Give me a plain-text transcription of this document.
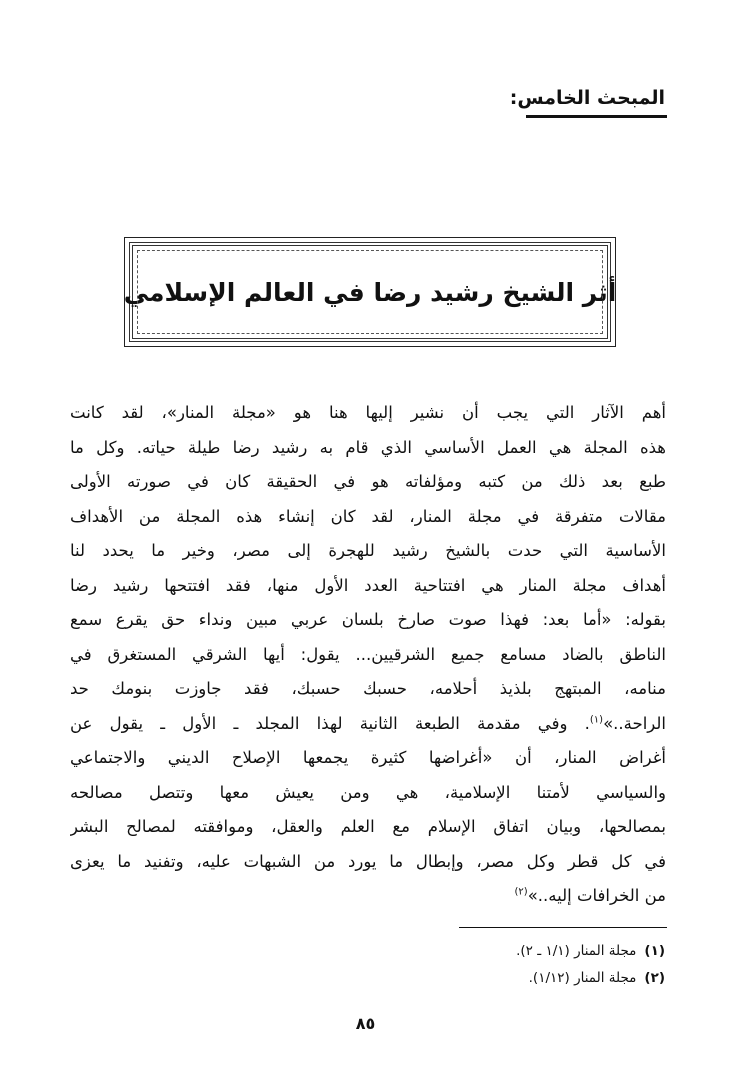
المبحث الخامس:
أثر الشيخ رشيد رضا في العالم الإسلامي
أهم الآثار التي يجب أن نشير إليها هنا هو «مجلة المنار»، لقد كانت
هذه المجلة هي العمل الأساسي الذي قام به رشيد رضا طيلة حياته. وكل ما
طبع بعد ذلك من كتبه ومؤلفاته هو في الحقيقة كان في صورته الأولى
مقالات متفرقة في مجلة المنار، لقد كان إنشاء هذه المجلة من الأهداف
الأساسية التي حدت بالشيخ رشيد للهجرة إلى مصر، وخير ما يحدد لنا
أهداف مجلة المنار هي افتتاحية العدد الأول منها، فقد افتتحها رشيد رضا
بقوله: «أما بعد: فهذا صوت صارخ بلسان عربي مبين ونداء حق يقرع سمع
الناطق بالضاد مسامع جميع الشرقيين... يقول: أيها الشرقي المستغرق في
منامه، المبتهج بلذيذ أحلامه، حسبك حسبك، فقد جاوزت بنومك حد
الراحة..»$^{(١)}$. وفي مقدمة الطبعة الثانية لهذا المجلد ـ الأول ـ يقول عن
أغراض المنار، أن «أغراضها كثيرة يجمعها الإصلاح الديني والاجتماعي
والسياسي لأمتنا الإسلامية، هي ومن يعيش معها وتتصل مصالحه
بمصالحها، وبيان اتفاق الإسلام مع العلم والعقل، وموافقته لمصالح البشر
في كل قطر وكل مصر، وإبطال ما يورد من الشبهات عليه، وتفنيد ما يعزى
من الخرافات إليه..»$^{(٢)}$
(١)مجلة المنار (١/١ ـ ٢).
(٢)مجلة المنار (١/١٢).
٨٥
